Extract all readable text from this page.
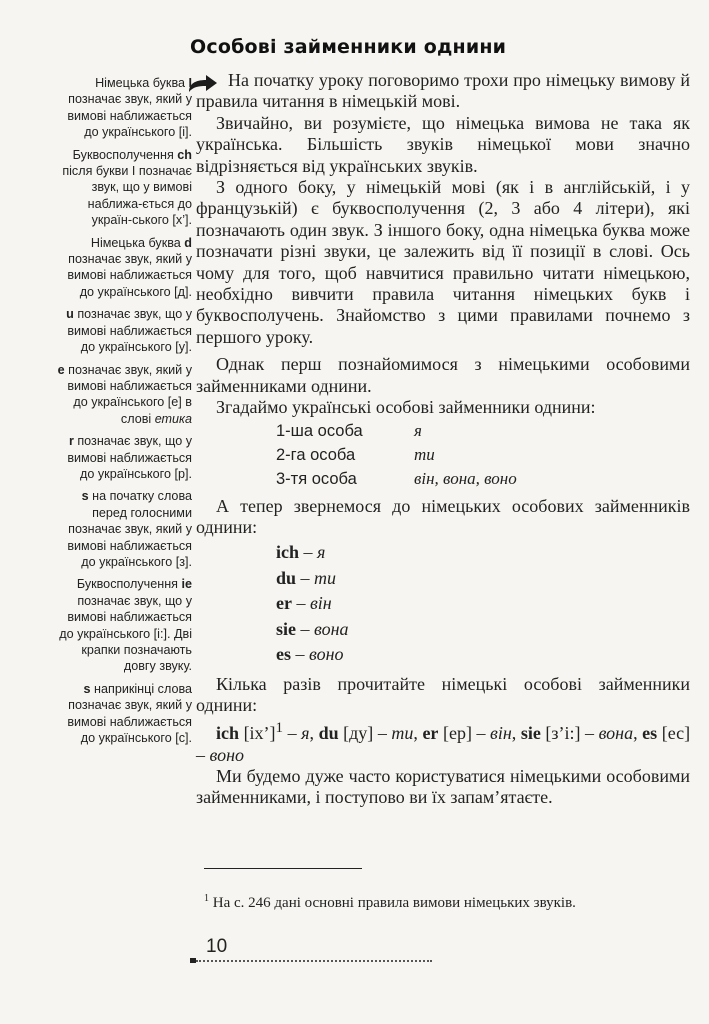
Особові займенники однини
Німецька буква I позначає звук, який у вимові наближається до українського [і].
Буквосполучення ch після букви I позначає звук, що у вимові наближа-ється до україн-ського [х’].
Німецька буква d позначає звук, який у вимові наближається до українського [д].
u позначає звук, що у вимові наближається до українського [у].
e позначає звук, який у вимові наближається до українського [е] в слові етика
r позначає звук, що у вимові наближається до українського [р].
s на початку слова перед голосними позначає звук, який у вимові наближається до українського [з].
Буквосполучення ie позначає звук, що у вимові наближається до українського [і:]. Дві крапки позначають довгу звуку.
s наприкінці слова позначає звук, який у вимові наближається до українського [с].

На початку уроку поговоримо трохи про німецьку вимову й правила читання в німецькій мові.

Звичайно, ви розумієте, що німецька вимова не така як українська. Більшість звуків німецької мови значно відрізняється від українських звуків.

З одного боку, у німецькій мові (як і в англійській, і у французькій) є буквосполучення (2, 3 або 4 літери), які позначають один звук. З іншого боку, одна німецька буква може позначати різні звуки, це залежить від її позиції в слові. Ось чому для того, щоб навчитися правильно читати німецькою, необхідно вивчити правила читання німецьких букв і буквосполучень. Знайомство з цими правилами почнемо з першого уроку.

Однак перш познайомимося з німецькими особовими займенниками однини.

Згадаймо українські особові займенники однини:

1-ша особа	я
2-га особа	ти
3-тя особа	він, вона, воно

А тепер звернемося до німецьких особових займенників однини:

ich – я
du – ти
er – він
sie – вона
es – воно

Кілька разів прочитайте німецькі особові займенники однини:

ich [іх’]$^1$ – я, du [ду] – ти, er [ер] – він, sie [з’і:] – вона, es [ес] – воно

Ми будемо дуже часто користуватися німецькими особовими займенниками, і поступово ви їх запам’ятаєте.

$^1$ На с. 246 дані основні правила вимови німецьких звуків.
10
